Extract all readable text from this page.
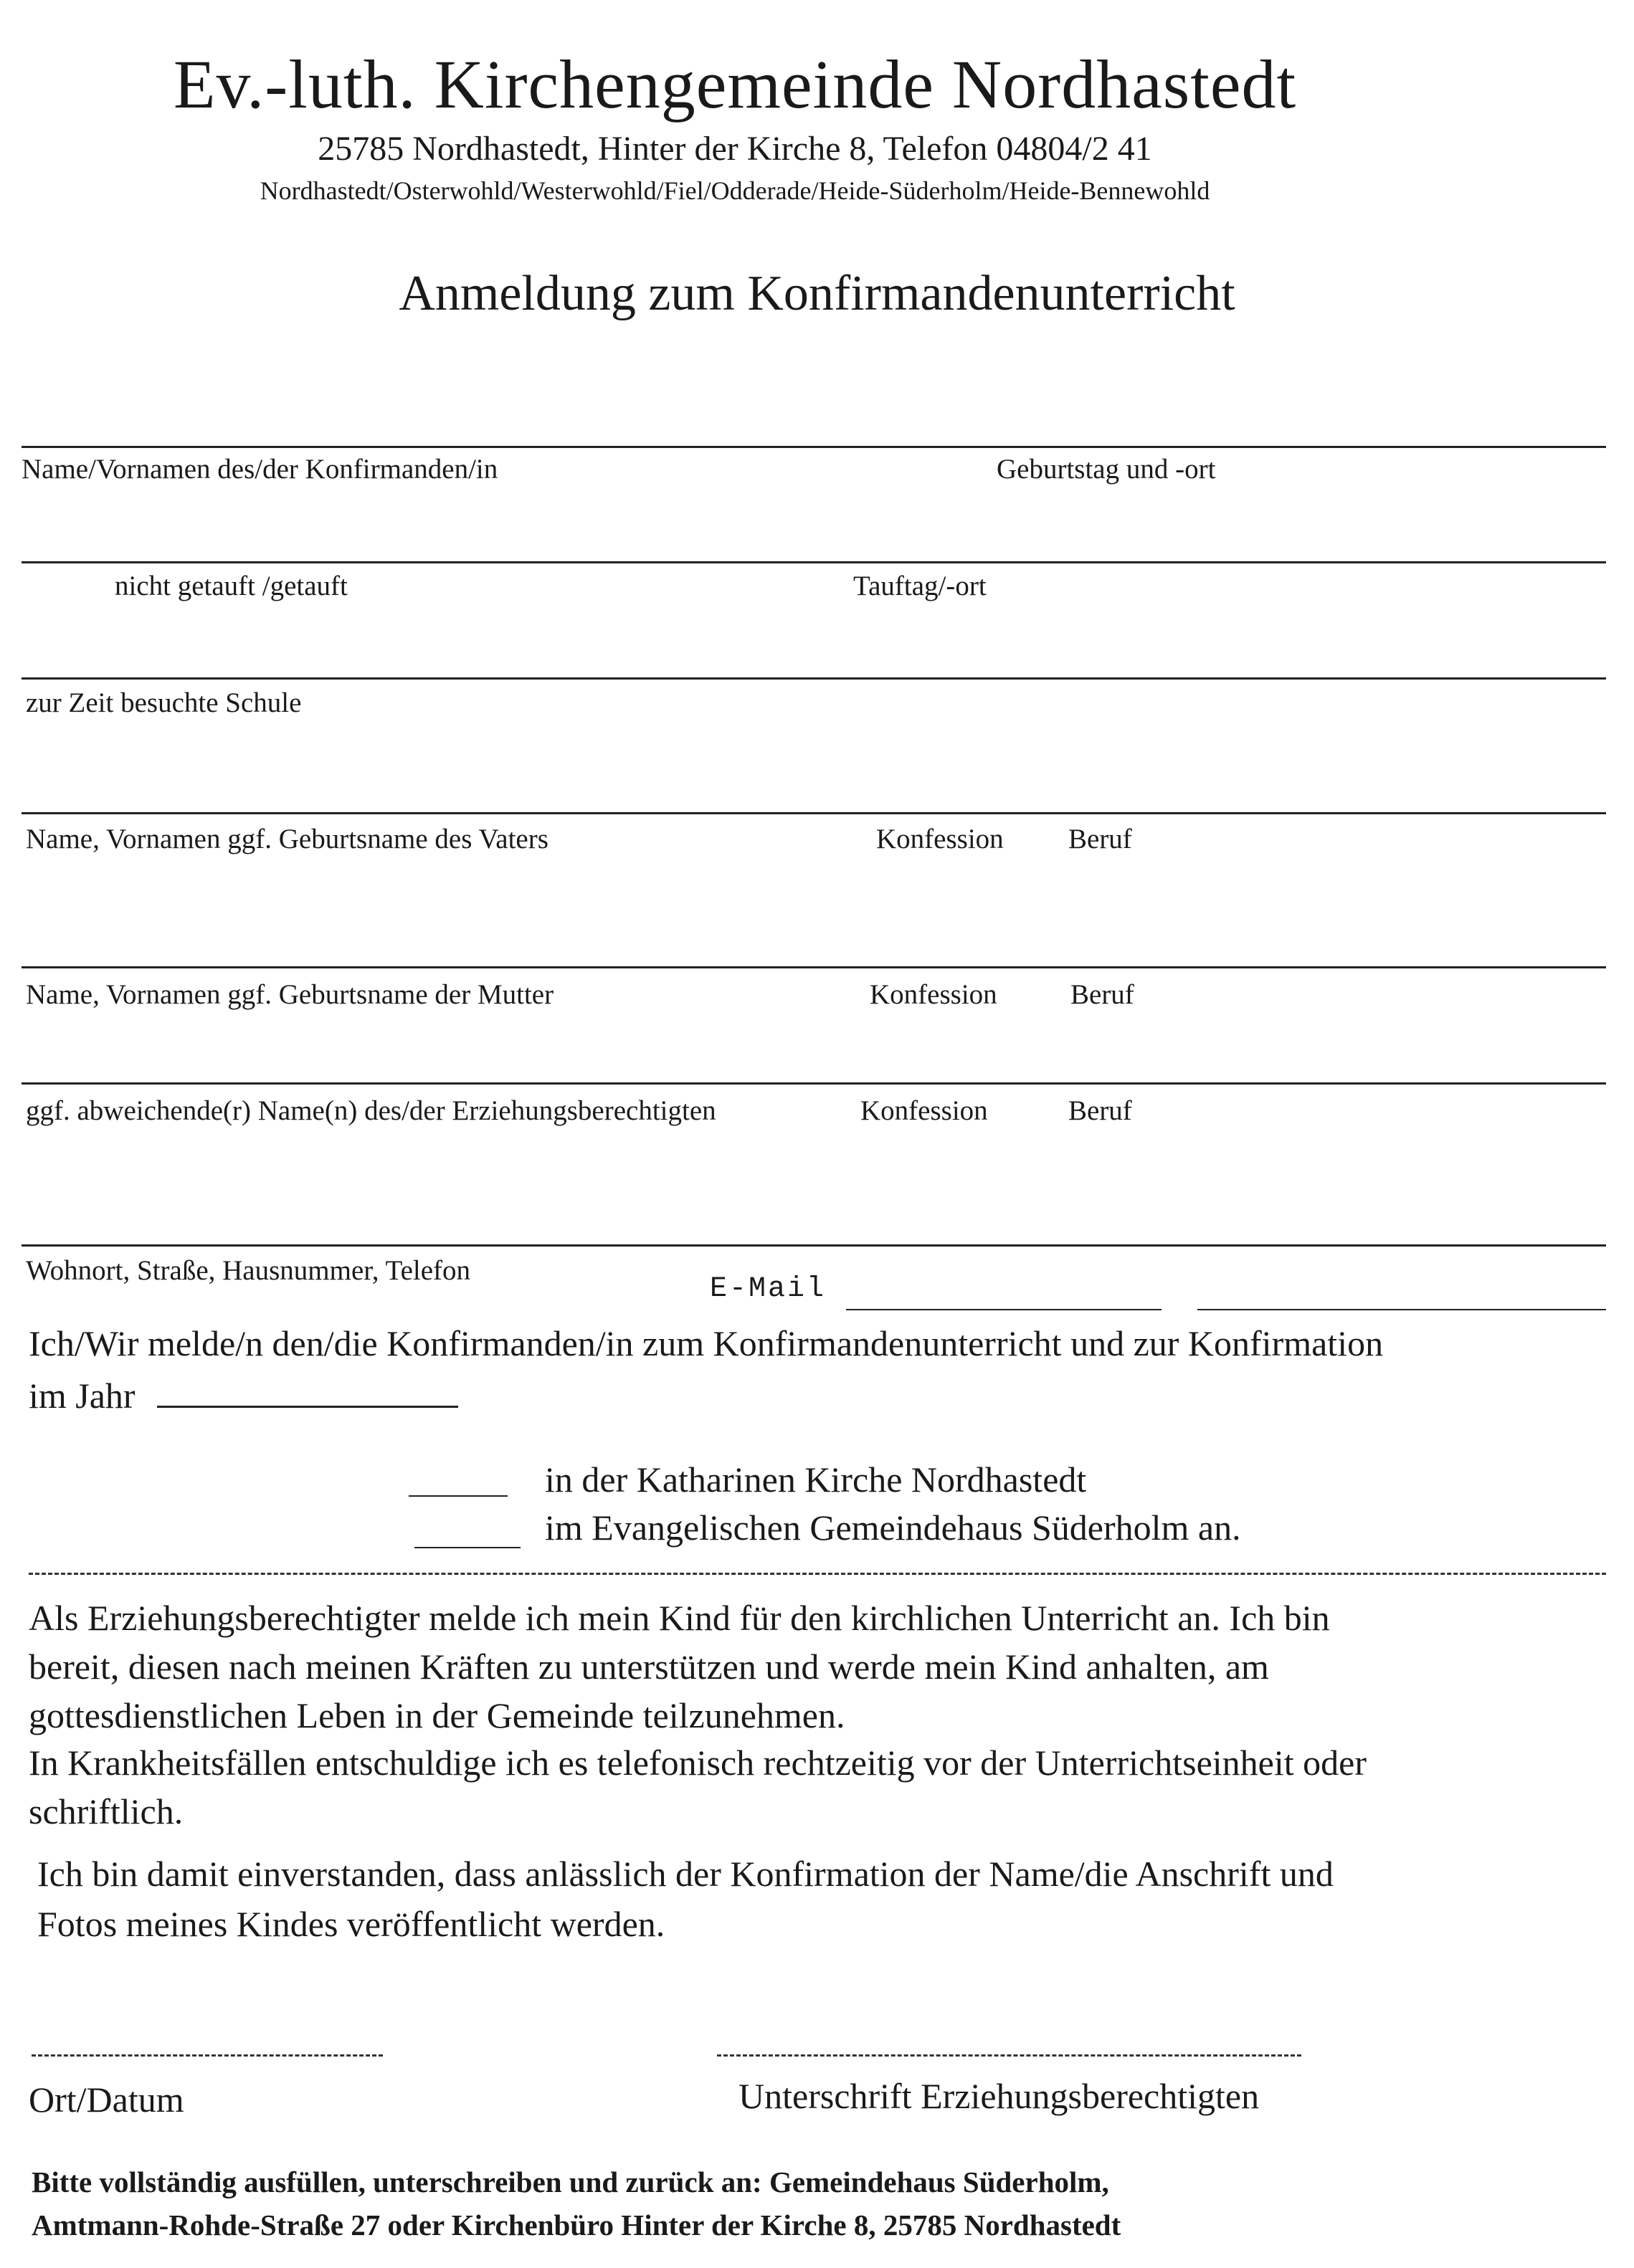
Ev.-luth. Kirchengemeinde Nordhastedt
25785 Nordhastedt, Hinter der Kirche 8, Telefon 04804/2 41
Nordhastedt/Osterwohld/Westerwohld/Fiel/Odderade/Heide-Süderholm/Heide-Bennewohld
Anmeldung zum Konfirmandenunterricht
Name/Vornamen des/der Konfirmanden/in	Geburtstag und -ort
nicht getauft /getauft	Tauftag/-ort
zur Zeit besuchte Schule
Name, Vornamen ggf. Geburtsname des Vaters	Konfession Beruf
Name, Vornamen ggf. Geburtsname der Mutter	Konfession	Beruf
ggf. abweichende(r) Name(n) des/der Erziehungsberechtigten	Konfession	Beruf
Wohnort, Straße, Hausnummer, Telefon
E-Mail
Ich/Wir melde/n den/die Konfirmanden/in zum Konfirmandenunterricht und zur Konfirmation
im Jahr
in der Katharinen Kirche Nordhastedt
im Evangelischen Gemeindehaus Süderholm an.
Als Erziehungsberechtigter melde ich mein Kind für den kirchlichen Unterricht an. Ich bin
bereit, diesen nach meinen Kräften zu unterstützen und werde mein Kind anhalten, am
gottesdienstlichen Leben in der Gemeinde teilzunehmen.
In Krankheitsfällen entschuldige ich es telefonisch rechtzeitig vor der Unterrichtseinheit oder
schriftlich.
Ich bin damit einverstanden, dass anlässlich der Konfirmation der Name/die Anschrift und
Fotos meines Kindes veröffentlicht werden.
Ort/Datum	Unterschrift Erziehungsberechtigten
Bitte vollständig ausfüllen, unterschreiben und zurück an: Gemeindehaus Süderholm,
Amtmann-Rohde-Straße 27 oder Kirchenbüro Hinter der Kirche 8, 25785 Nordhastedt
